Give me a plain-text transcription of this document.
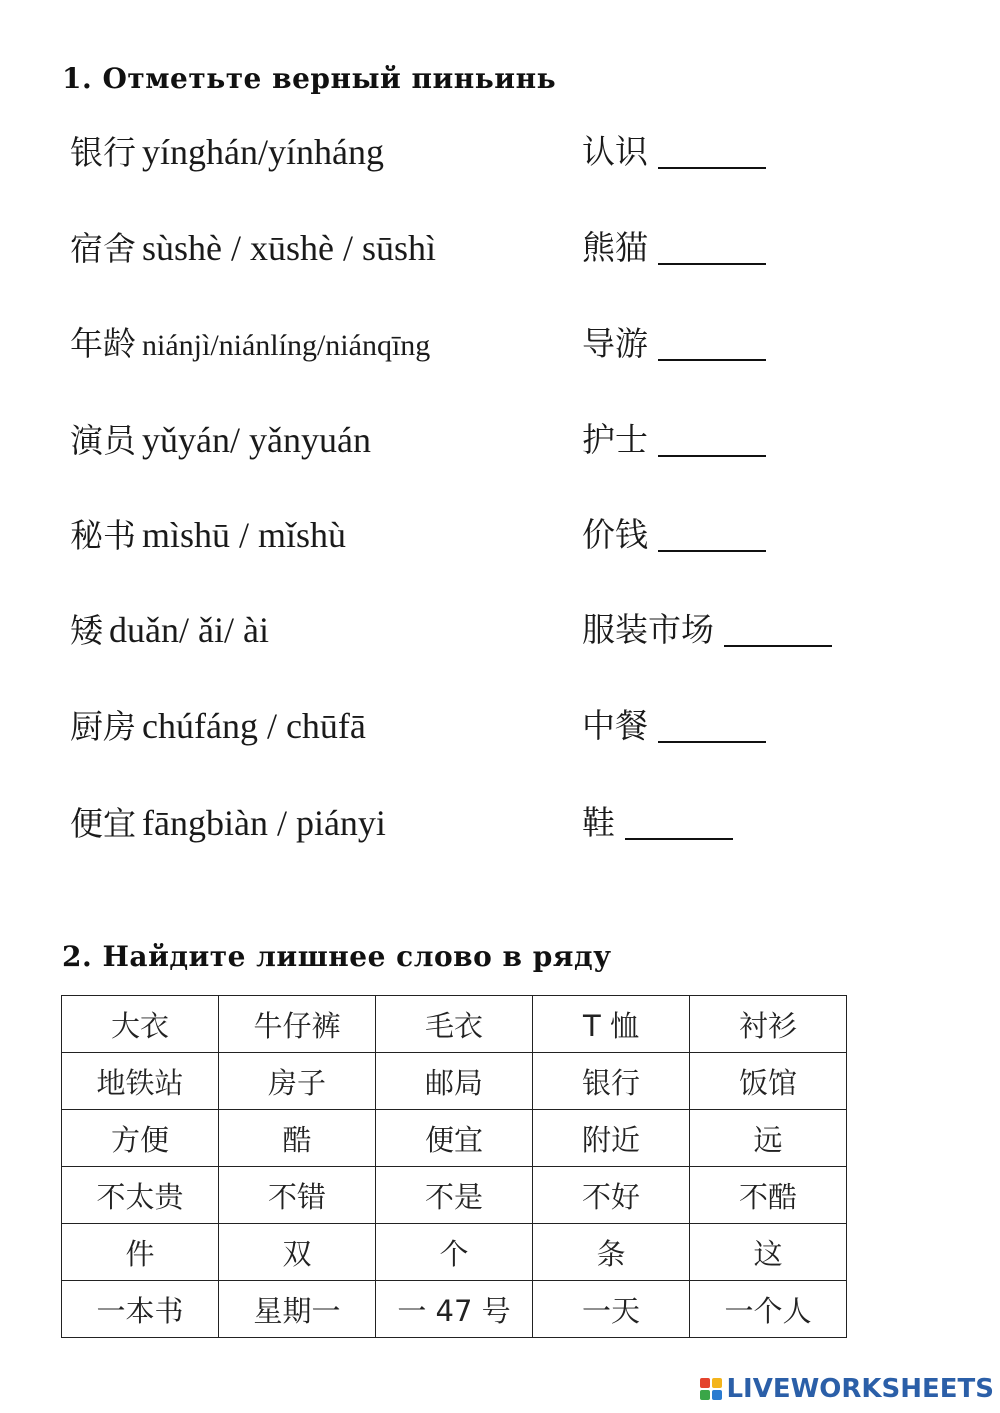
1. Отметьте верный пиньинь
银行 yínghán/yínháng	认识
宿舍 sùshè / xūshè / sūshì	熊猫
年龄 niánjì/niánlíng/niánqīng	导游
演员 yǔyán/ yǎnyuán	护士
秘书 mìshū / mǐshù	价钱
矮 duǎn/ ǎi/ ài	服装市场
厨房 chúfáng / chūfā	中餐
便宜 fāngbiàn / piányi	鞋
2. Найдите лишнее слово в ряду
大衣	牛仔裤	毛衣	T 恤	衬衫
地铁站	房子	邮局	银行	饭馆
方便	酷	便宜	附近	远
不太贵	不错	不是	不好	不酷
件	双	个	条	这
一本书	星期一	一 47 号	一天	一个人
LIVEWORKSHEETS
